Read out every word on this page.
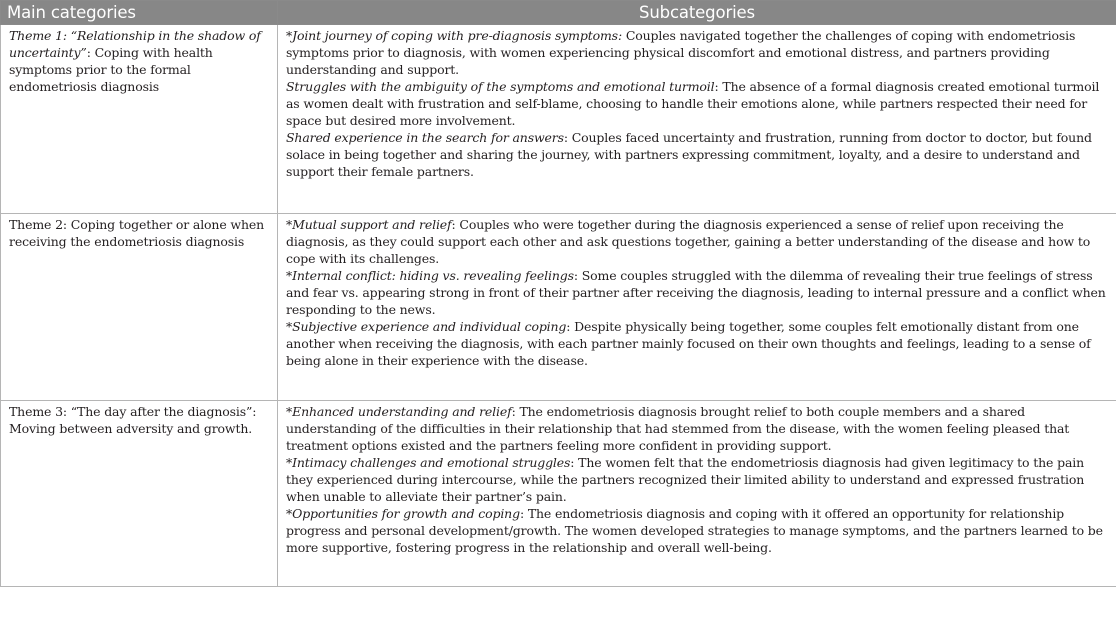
Main categories	Subcategories
Theme 1: “Relationship in the shadow of uncertainty”: Coping with health symptoms prior to the formal endometriosis diagnosis	*Joint journey of coping with pre-diagnosis symptoms: Couples navigated together the challenges of coping with endometriosis symptoms prior to diagnosis, with women experiencing physical discomfort and emotional distress, and partners providing understanding and support.

Struggles with the ambiguity of the symptoms and emotional turmoil: The absence of a formal diagnosis created emotional turmoil as women dealt with frustration and self-blame, choosing to handle their emotions alone, while partners respected their need for space but desired more involvement.

Shared experience in the search for answers: Couples faced uncertainty and frustration, running from doctor to doctor, but found solace in being together and sharing the journey, with partners expressing commitment, loyalty, and a desire to understand and support their female partners.

Theme 2: Coping together or alone when receiving the endometriosis diagnosis	*Mutual support and relief: Couples who were together during the diagnosis experienced a sense of relief upon receiving the diagnosis, as they could support each other and ask questions together, gaining a better understanding of the disease and how to cope with its challenges.

*Internal conflict: hiding vs. revealing feelings: Some couples struggled with the dilemma of revealing their true feelings of stress and fear vs. appearing strong in front of their partner after receiving the diagnosis, leading to internal pressure and a conflict when responding to the news.

*Subjective experience and individual coping: Despite physically being together, some couples felt emotionally distant from one another when receiving the diagnosis, with each partner mainly focused on their own thoughts and feelings, leading to a sense of being alone in their experience with the disease.

Theme 3: “The day after the diagnosis”: Moving between adversity and growth.	*Enhanced understanding and relief: The endometriosis diagnosis brought relief to both couple members and a shared understanding of the difficulties in their relationship that had stemmed from the disease, with the women feeling pleased that treatment options existed and the partners feeling more confident in providing support.

*Intimacy challenges and emotional struggles: The women felt that the endometriosis diagnosis had given legitimacy to the pain they experienced during intercourse, while the partners recognized their limited ability to understand and expressed frustration when unable to alleviate their partner’s pain.

*Opportunities for growth and coping: The endometriosis diagnosis and coping with it offered an opportunity for relationship progress and personal development/growth. The women developed strategies to manage symptoms, and the partners learned to be more supportive, fostering progress in the relationship and overall well-being.
